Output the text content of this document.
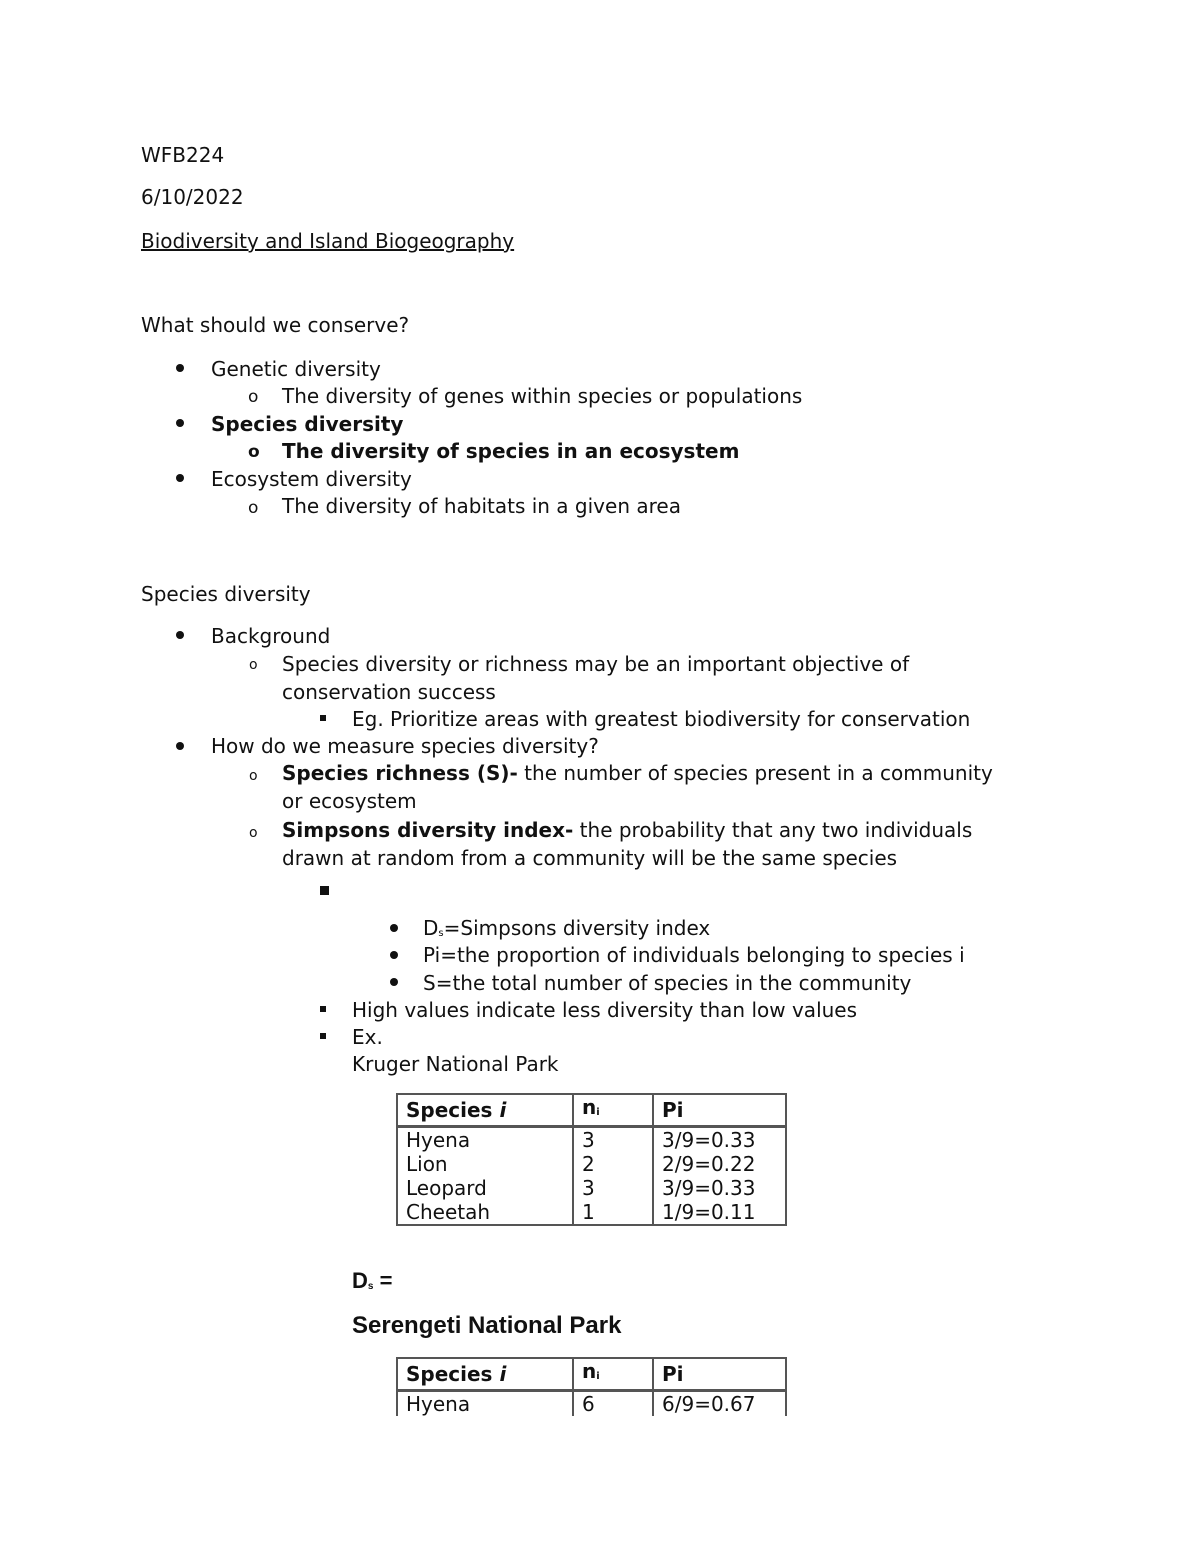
WFB224
6/10/2022
Biodiversity and Island Biogeography
What should we conserve?
Genetic diversity
o The diversity of genes within species or populations
Species diversity
o The diversity of species in an ecosystem
Ecosystem diversity
o The diversity of habitats in a given area
Species diversity
Background
o Species diversity or richness may be an important objective of
conservation success
Eg. Prioritize areas with greatest biodiversity for conservation
How do we measure species diversity?
o Species richness (S)- the number of species present in a community
or ecosystem
o Simpsons diversity index- the probability that any two individuals
drawn at random from a community will be the same species
$D_s=Simpsons$ diversity index
Pi=the proportion of individuals belonging to species i
S=the total number of species in the community
High values indicate less diversity than low values
Ex.
Kruger National Park
Species i	$n_i$	Pi
Hyena	3	3/9=0.33
Lion	2	2/9=0.22
Leopard	3	3/9=0.33
Cheetah	1	1/9=0.11
$D_s$ =
Serengeti National Park
Species i	$n_i$	Pi
Hyena	6	6/9=0.67
